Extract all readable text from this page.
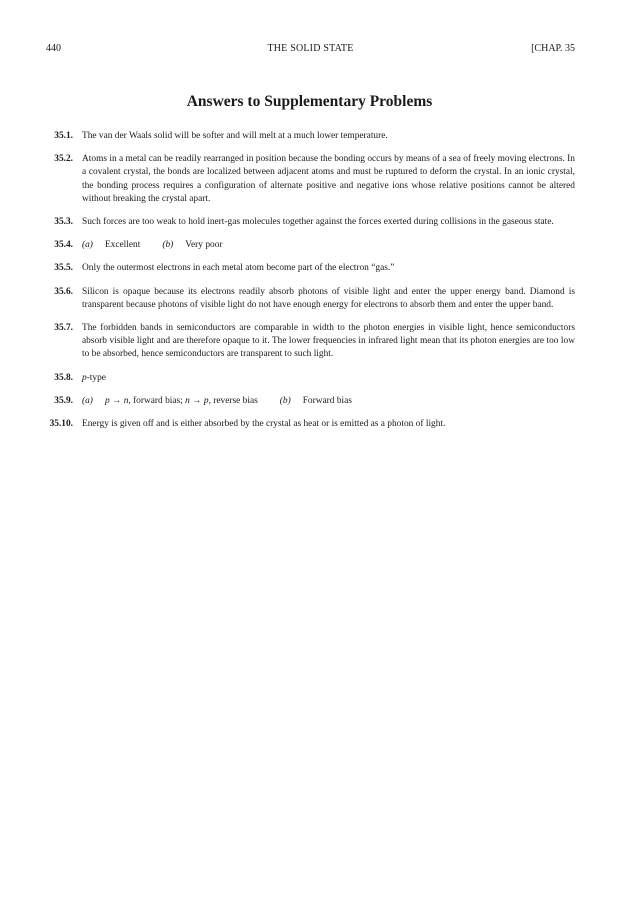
440	THE SOLID STATE	[CHAP. 35
Answers to Supplementary Problems
35.1. The van der Waals solid will be softer and will melt at a much lower temperature.
35.2. Atoms in a metal can be readily rearranged in position because the bonding occurs by means of a sea of freely moving electrons. In a covalent crystal, the bonds are localized between adjacent atoms and must be ruptured to deform the crystal. In an ionic crystal, the bonding process requires a configuration of alternate positive and negative ions whose relative positions cannot be altered without breaking the crystal apart.
35.3. Such forces are too weak to hold inert-gas molecules together against the forces exerted during collisions in the gaseous state.
35.4. (a) Excellent (b) Very poor
35.5. Only the outermost electrons in each metal atom become part of the electron “gas.”
35.6. Silicon is opaque because its electrons readily absorb photons of visible light and enter the upper energy band. Diamond is transparent because photons of visible light do not have enough energy for electrons to absorb them and enter the upper band.
35.7. The forbidden bands in semiconductors are comparable in width to the photon energies in visible light, hence semiconductors absorb visible light and are therefore opaque to it. The lower frequencies in infrared light mean that its photon energies are too low to be absorbed, hence semiconductors are transparent to such light.
35.8. p-type
35.9. (a) p → n, forward bias; n → p, reverse bias (b) Forward bias
35.10. Energy is given off and is either absorbed by the crystal as heat or is emitted as a photon of light.
